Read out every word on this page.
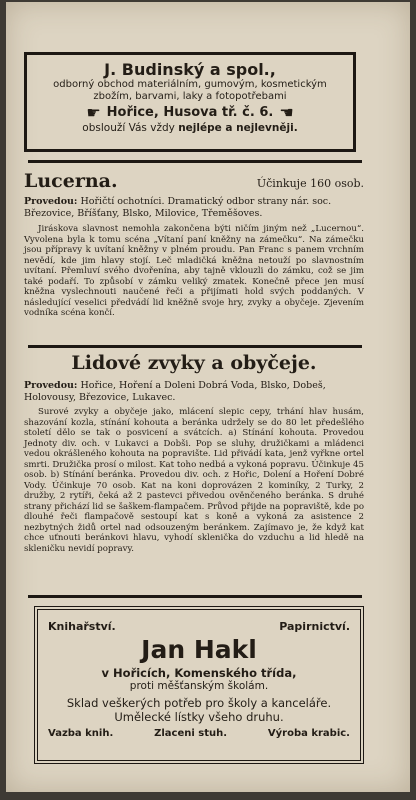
J. Budinský a spol.,
odborný obchod materiálním, gumovým, kosmetickým
zbožím, barvami, laky a fotopotřebami
☛ Hořice, Husova tř. č. 6. ☚
obslouží Vás vždy nejlépe a nejlevněji.
Lucerna.	Účinkuje 160 osob.
Provedou: Hořičtí ochotníci. Dramatický odbor strany nár. soc. Březovice, Bříšťany, Blsko, Milovice, Třeměšoves.
Jiráskova slavnost nemohla zakončena býti ničím jiným než „Lucernou“. Vyvolena byla k tomu scéna „Vítaní paní kněžny na zámečku“. Na zámečku jsou přípravy k uvítaní kněžny v plném proudu. Pan Franc s panem vrchním nevědí, kde jim hlavy stojí. Leč mladičká kněžna netouží po slavnostním uvítaní. Přemluví svého dvořenína, aby tajně vklouzli do zámku, což se jim také podaří. To způsobí v zámku veliký zmatek. Konečně přece jen musí kněžna vyslechnouti naučené řeči a přijímati hold svých poddaných. V následující veselici předvádí lid kněžně svoje hry, zvyky a obyčeje. Zjevením vodníka scéna končí.
Lidové zvyky a obyčeje.
Provedou: Hořice, Hoření a Doleni Dobrá Voda, Blsko, Dobeš, Holovousy, Březovice, Lukavec.
Surové zvyky a obyčeje jako, mlácení slepic cepy, trhání hlav husám, shazování kozla, stínání kohouta a beránka udržely se do 80 let předešlého století dělo se tak o posvicení a svátcích. a) Stínání kohouta. Provedou Jednoty div. och. v Lukavci a Dobši. Pop se sluhy, družičkami a mládenci vedou okrášleného kohouta na popravište. Lid přivádí kata, jenž vyřkne ortel smrti. Družička prosí o milost. Kat toho nedbá a vykoná popravu. Účinkuje 45 osob. b) Stínání beránka. Provedou div. och. z Hořic, Dolení a Hoření Dobré Vody. Účinkuje 70 osob. Kat na koni doprovázen 2 kominíky, 2 Turky, 2 družby, 2 rytíři, čeká až 2 pastevci přivedou ověnčeného beránka. S druhé strany přichází lid se šaškem-flampačem. Průvod přijde na popraviště, kde po dlouhé řeči flampačově sestoupí kat s koně a vykoná za asistence 2 nezbytných židů ortel nad odsouzeným beránkem. Zajímavo je, že když kat chce uťnouti beránkovi hlavu, vyhodí sklenička do vzduchu a lid hledě na skleničku nevidí popravy.
Knihařství.	Papirnictví.
Jan Hakl
v Hořicích, Komenského třída,
proti měšťanským školám.
Sklad veškerých potřeb pro školy a kanceláře.
Umělecké lístky všeho druhu.
Vazba knih.	Zlaceni stuh.	Výroba krabic.
